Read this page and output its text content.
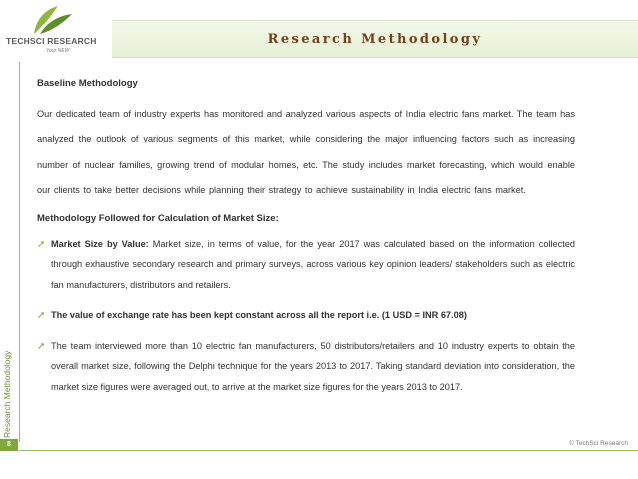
TECHSCI RESEARCH
Your NEW
Research Methodology
Research Methodology
8	© TechSci Research

Baseline Methodology

Our dedicated team of industry experts has monitored and analyzed various aspects of India electric fans market. The team has analyzed the outlook of various segments of this market, while considering the major influencing factors such as increasing number of nuclear families, growing trend of modular homes, etc. The study includes market forecasting, which would enable our clients to take better decisions while planning their strategy to achieve sustainability in India electric fans market.

Methodology Followed for Calculation of Market Size:

➚ Market Size by Value: Market size, in terms of value, for the year 2017 was calculated based on the information collected through exhaustive secondary research and primary surveys, across various key opinion leaders/ stakeholders such as electric fan manufacturers, distributors and retailers.
➚ The value of exchange rate has been kept constant across all the report i.e. (1 USD = INR 67.08)
➚ The team interviewed more than 10 electric fan manufacturers, 50 distributors/retailers and 10 industry experts to obtain the overall market size, following the Delphi technique for the years 2013 to 2017. Taking standard deviation into consideration, the market size figures were averaged out, to arrive at the market size figures for the years 2013 to 2017.
